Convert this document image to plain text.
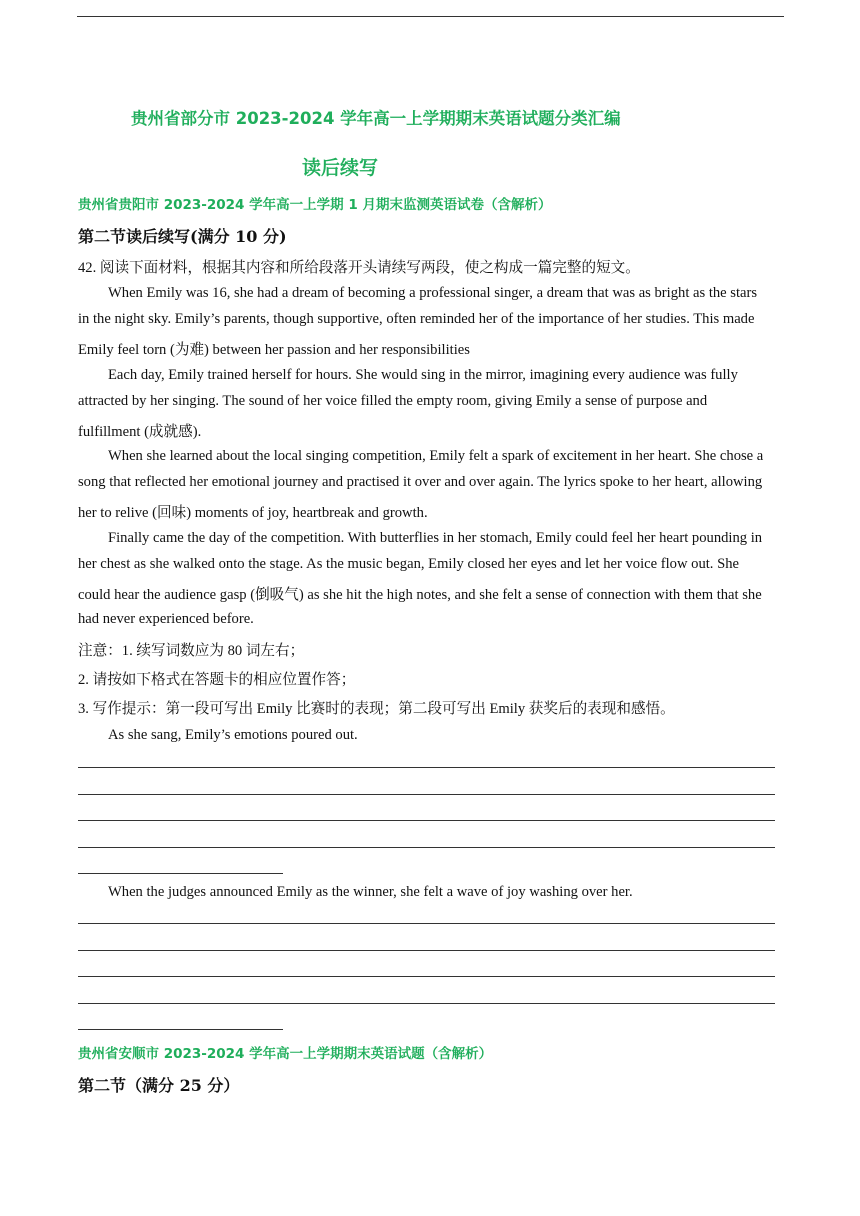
贵州省部分市 2023-2024 学年高一上学期期末英语试题分类汇编
读后续写
贵州省贵阳市 2023-2024 学年高一上学期 1 月期末监测英语试卷（含解析）
第二节读后续写(满分 10 分)
42. 阅读下面材料，根据其内容和所给段落开头请续写两段，使之构成一篇完整的短文。
When Emily was 16, she had a dream of becoming a professional singer, a dream that was as bright as the stars
in the night sky. Emily’s parents, though supportive, often reminded her of the importance of her studies. This made
Emily feel torn (为难) between her passion and her responsibilities
Each day, Emily trained herself for hours. She would sing in the mirror, imagining every audience was fully
attracted by her singing. The sound of her voice filled the empty room, giving Emily a sense of purpose and
fulfillment (成就感).
When she learned about the local singing competition, Emily felt a spark of excitement in her heart. She chose a
song that reflected her emotional journey and practised it over and over again. The lyrics spoke to her heart, allowing
her to relive (回味) moments of joy, heartbreak and growth.
Finally came the day of the competition. With butterflies in her stomach, Emily could feel her heart pounding in
her chest as she walked onto the stage. As the music began, Emily closed her eyes and let her voice flow out. She
could hear the audience gasp (倒吸气) as she hit the high notes, and she felt a sense of connection with them that she
had never experienced before.
注意：1. 续写词数应为 80 词左右；
2. 请按如下格式在答题卡的相应位置作答；
3. 写作提示：第一段可写出 Emily 比赛时的表现；第二段可写出 Emily 获奖后的表现和感悟。
As she sang, Emily’s emotions poured out.
When the judges announced Emily as the winner, she felt a wave of joy washing over her.
贵州省安顺市 2023-2024 学年高一上学期期末英语试题（含解析）
第二节（满分 25 分）
